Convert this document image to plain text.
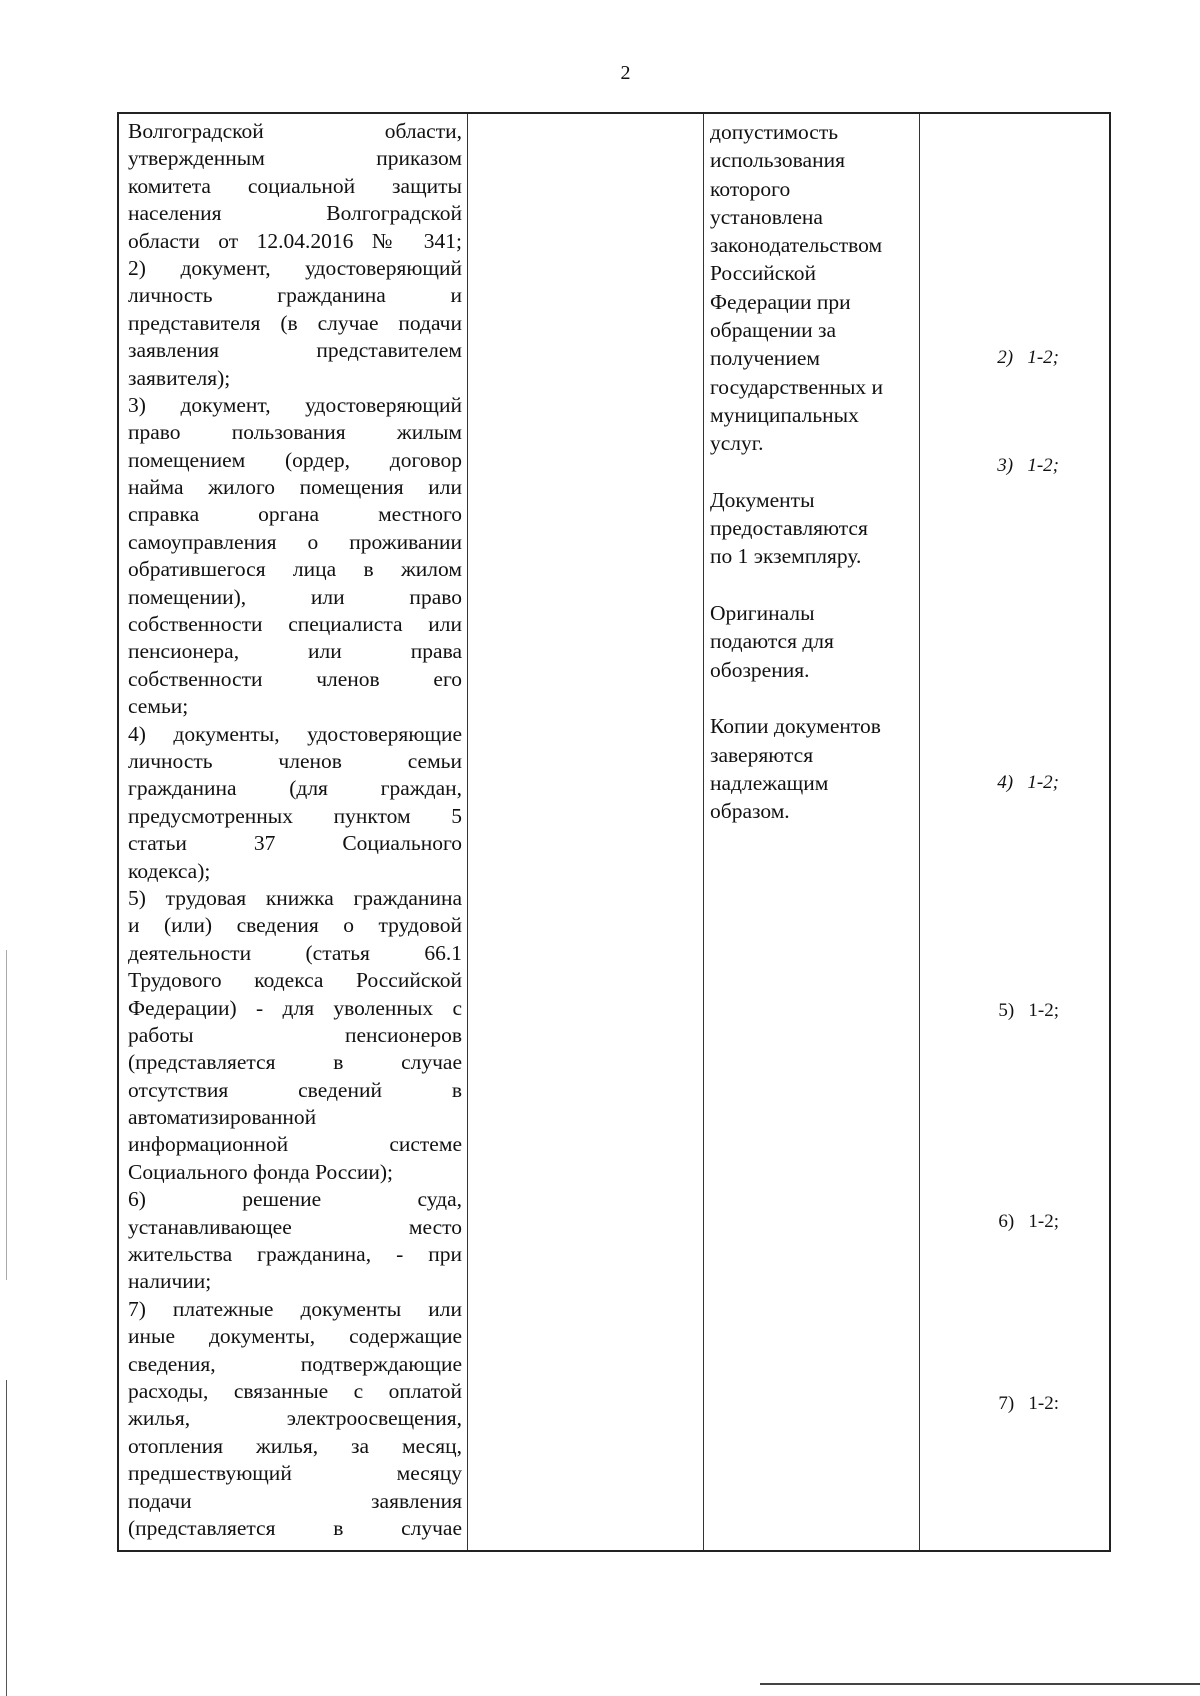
2
Волгоградской области,
утвержденным приказом
комитета социальной защиты
населения Волгоградской
области от 12.04.2016 № 341;
2) документ, удостоверяющий
личность гражданина и
представителя (в случае подачи
заявления представителем
заявителя);
3) документ, удостоверяющий
право пользования жилым
помещением (ордер, договор
найма жилого помещения или
справка органа местного
самоуправления о проживании
обратившегося лица в жилом
помещении), или право
собственности специалиста или
пенсионера, или права
собственности членов его
семьи;
4) документы, удостоверяющие
личность членов семьи
гражданина (для граждан,
предусмотренных пунктом 5
статьи 37 Социального
кодекса);
5) трудовая книжка гражданина
и (или) сведения о трудовой
деятельности (статья 66.1
Трудового кодекса Российской
Федерации) - для уволенных с
работы пенсионеров
(представляется в случае
отсутствия сведений в
автоматизированной
информационной системе
Социального фонда России);
6) решение суда,
устанавливающее место
жительства гражданина, - при
наличии;
7) платежные документы или
иные документы, содержащие
сведения, подтверждающие
расходы, связанные с оплатой
жилья, электроосвещения,
отопления жилья, за месяц,
предшествующий месяцу
подачи заявления
(представляется в случае
допустимость
использования
которого
установлена
законодательством
Российской
Федерации при
обращении за
получением
государственных и
муниципальных
услуг.
Документы
предоставляются
по 1 экземпляру.
Оригиналы
подаются для
обозрения.
Копии документов
заверяются
надлежащим
образом.
2)   1-2;
3)   1-2;
4)   1-2;
5)   1-2;
6)   1-2;
7)   1-2:
